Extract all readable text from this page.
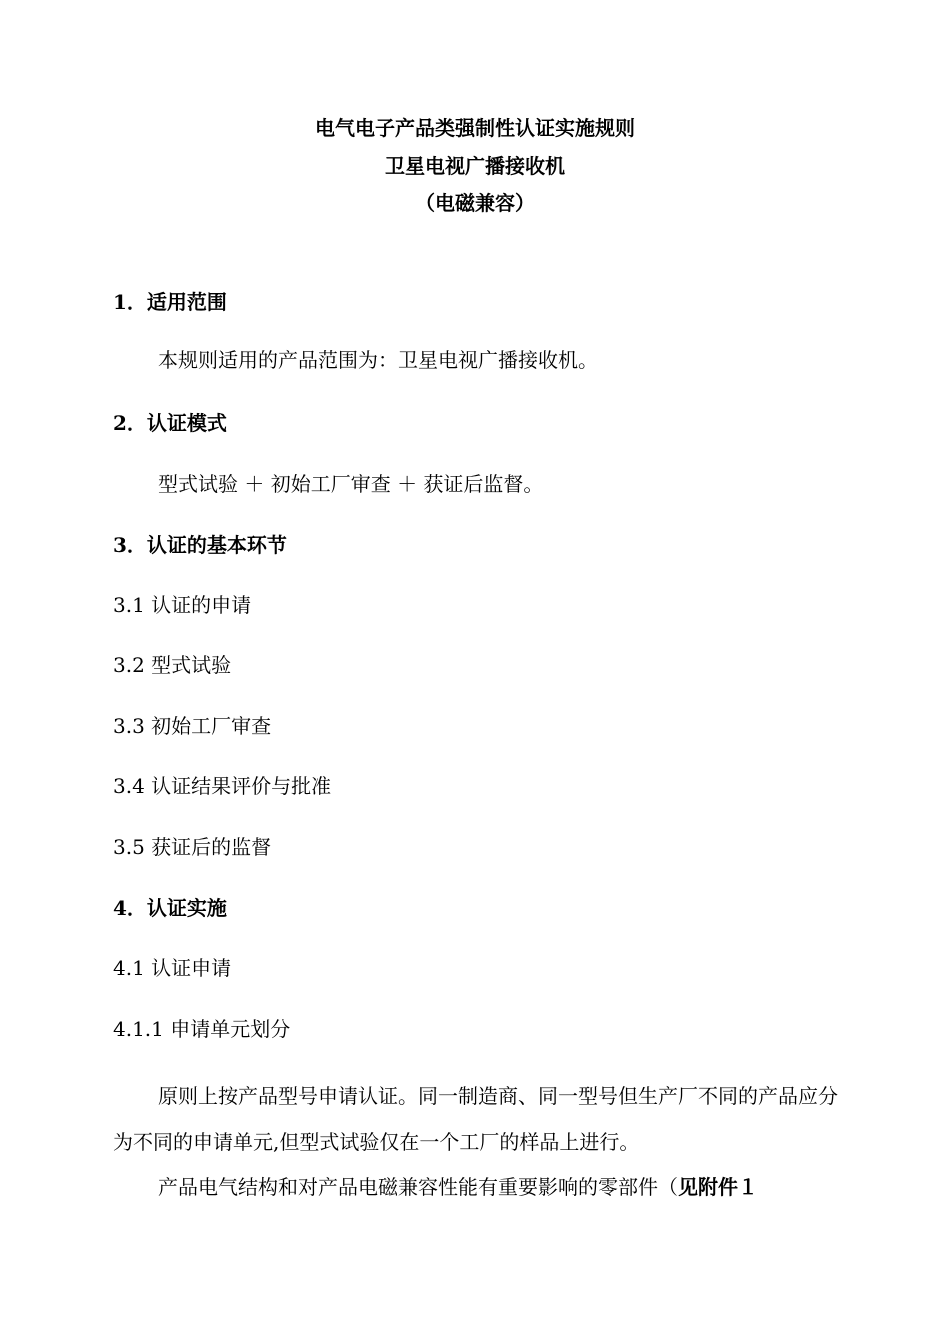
电气电子产品类强制性认证实施规则

卫星电视广播接收机

（电磁兼容）

1．适用范围

本规则适用的产品范围为：卫星电视广播接收机。

2．认证模式

型式试验 ＋ 初始工厂审查 ＋ 获证后监督。

3．认证的基本环节

3.1 认证的申请

3.2 型式试验

3.3 初始工厂审查

3.4 认证结果评价与批准

3.5 获证后的监督

4．认证实施

4.1 认证申请

4.1.1 申请单元划分

原则上按产品型号申请认证。同一制造商、同一型号但生产厂不同的产品应分为不同的申请单元,但型式试验仅在一个工厂的样品上进行。

产品电气结构和对产品电磁兼容性能有重要影响的零部件（见附件１
